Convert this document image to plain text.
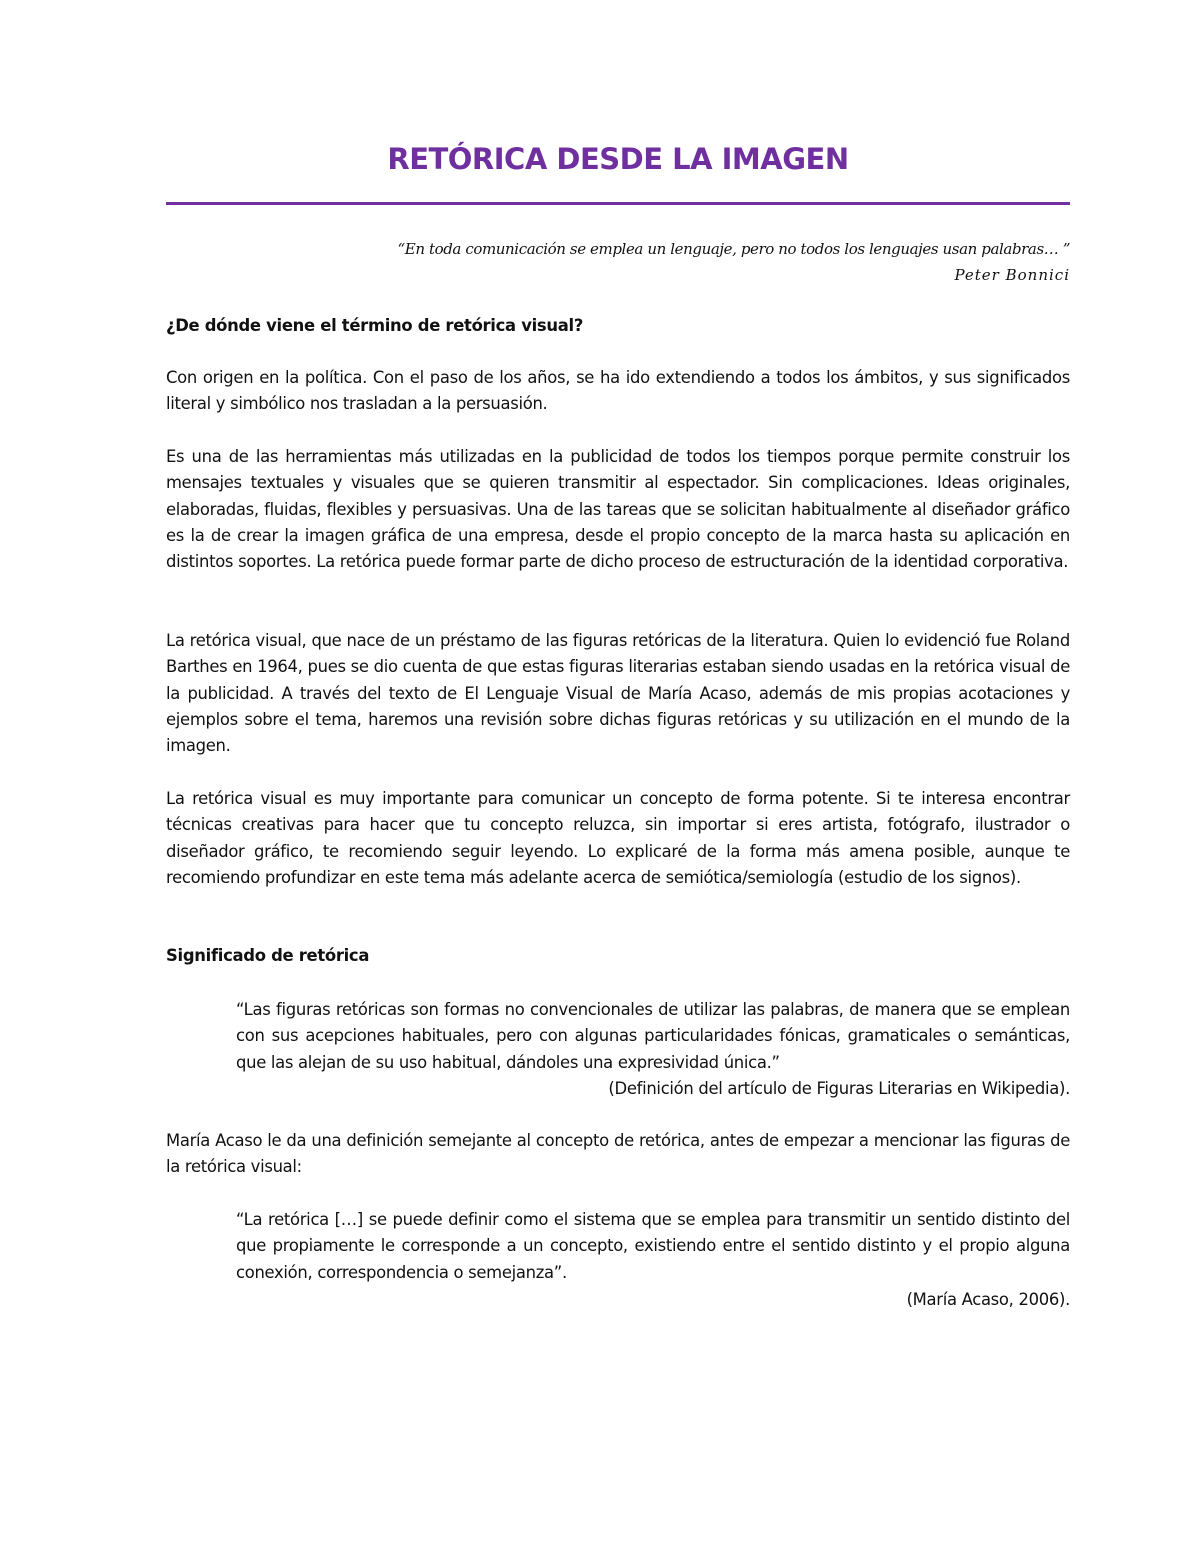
RETÓRICA DESDE LA IMAGEN
“En toda comunicación se emplea un lenguaje, pero no todos los lenguajes usan palabras… ”
Peter Bonnici

¿De dónde viene el término de retórica visual?

Con origen en la política. Con el paso de los años, se ha ido extendiendo a todos los ámbitos, y sus significados literal y simbólico nos trasladan a la persuasión.

Es una de las herramientas más utilizadas en la publicidad de todos los tiempos porque permite construir los mensajes textuales y visuales que se quieren transmitir al espectador. Sin complicaciones. Ideas originales, elaboradas, fluidas, flexibles y persuasivas. Una de las tareas que se solicitan habitualmente al diseñador gráfico es la de crear la imagen gráfica de una empresa, desde el propio concepto de la marca hasta su aplicación en distintos soportes. La retórica puede formar parte de dicho proceso de estructuración de la identidad corporativa.

La retórica visual, que nace de un préstamo de las figuras retóricas de la literatura. Quien lo evidenció fue Roland Barthes en 1964, pues se dio cuenta de que estas figuras literarias estaban siendo usadas en la retórica visual de la publicidad. A través del texto de El Lenguaje Visual de María Acaso, además de mis propias acotaciones y ejemplos sobre el tema, haremos una revisión sobre dichas figuras retóricas y su utilización en el mundo de la imagen.

La retórica visual es muy importante para comunicar un concepto de forma potente. Si te interesa encontrar técnicas creativas para hacer que tu concepto reluzca, sin importar si eres artista, fotógrafo, ilustrador o diseñador gráfico, te recomiendo seguir leyendo. Lo explicaré de la forma más amena posible, aunque te recomiendo profundizar en este tema más adelante acerca de semiótica/semiología (estudio de los signos).

Significado de retórica

“Las figuras retóricas son formas no convencionales de utilizar las palabras, de manera que se emplean con sus acepciones habituales, pero con algunas particularidades fónicas, gramaticales o semánticas, que las alejan de su uso habitual, dándoles una expresividad única.”

(Definición del artículo de Figuras Literarias en Wikipedia).

María Acaso le da una definición semejante al concepto de retórica, antes de empezar a mencionar las figuras de la retórica visual:

“La retórica […] se puede definir como el sistema que se emplea para transmitir un sentido distinto del que propiamente le corresponde a un concepto, existiendo entre el sentido distinto y el propio alguna conexión, correspondencia o semejanza”.

(María Acaso, 2006).
